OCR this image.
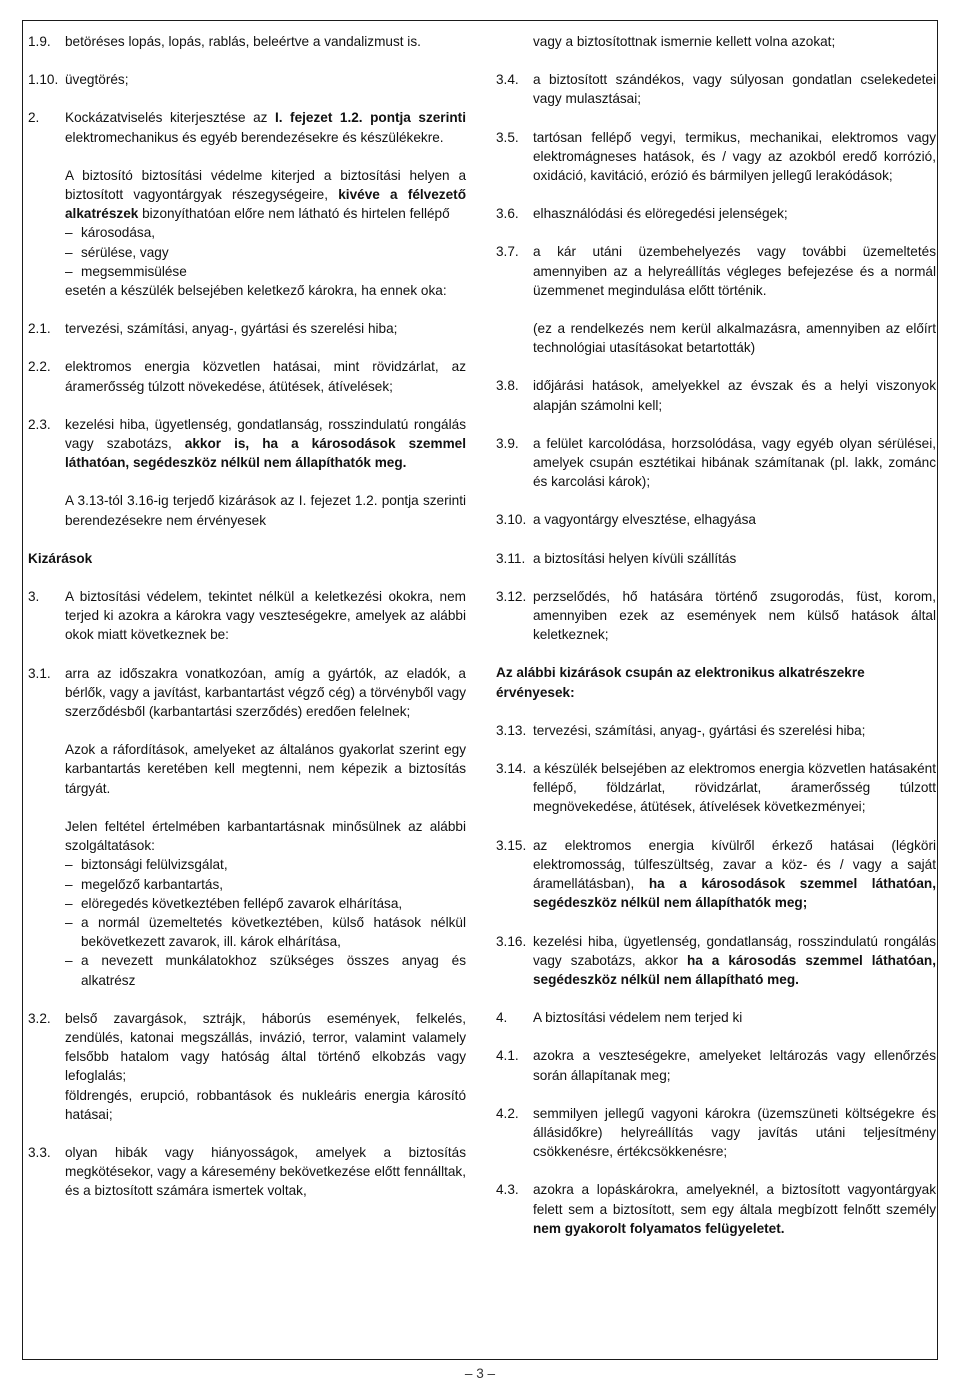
1.9.	betöréses lopás, lopás, rablás, beleértve a vandalizmust is.
1.10. üvegtörés;
2.	Kockázatviselés kiterjesztése az I. fejezet 1.2. pontja szerinti elektromechanikus és egyéb berendezésekre és készülékekre.
A biztosító biztosítási védelme kiterjed a biztosítási helyen a biztosított vagyontárgyak részegységeire, kivéve a félvezető alkatrészek bizonyíthatóan előre nem látható és hirtelen fellépő
– károsodása,
– sérülése, vagy
– megsemmisülése
esetén a készülék belsejében keletkező károkra, ha ennek oka:
2.1.	tervezési, számítási, anyag-, gyártási és szerelési hiba;
2.2.	elektromos energia közvetlen hatásai, mint rövidzárlat, az áramerősség túlzott növekedése, átütések, átívelések;
2.3.	kezelési hiba, ügyetlenség, gondatlanság, rosszindulatú rongálás vagy szabotázs, akkor is, ha a károsodások szemmel láthatóan, segédeszköz nélkül nem állapíthatók meg.
A 3.13-tól 3.16-ig terjedő kizárások az I. fejezet 1.2. pontja szerinti berendezésekre nem érvényesek
Kizárások
3.	A biztosítási védelem, tekintet nélkül a keletkezési okokra, nem terjed ki azokra a károkra vagy veszteségekre, amelyek az alábbi okok miatt következnek be:
3.1.	arra az időszakra vonatkozóan, amíg a gyártók, az eladók, a bérlők, vagy a javítást, karbantartást végző cég) a törvényből vagy szerződésből (karbantartási szerződés) eredően felelnek;
Azok a ráfordítások, amelyeket az általános gyakorlat szerint egy karbantartás keretében kell megtenni, nem képezik a biztosítás tárgyát.
Jelen feltétel értelmében karbantartásnak minősülnek az alábbi szolgáltatások:
– biztonsági felülvizsgálat,
– megelőző karbantartás,
– elöregedés következtében fellépő zavarok elhárítása,
– a normál üzemeltetés következtében, külső hatások nélkül bekövetkezett zavarok, ill. károk elhárítása,
– a nevezett munkálatokhoz szükséges összes anyag és alkatrész
3.2.	belső zavargások, sztrájk, háborús események, felkelés, zendülés, katonai megszállás, invázió, terror, valamint valamely felsőbb hatalom vagy hatóság által történő elkobzás vagy lefoglalás;
földrengés, erupció, robbantások és nukleáris energia károsító hatásai;
3.3.	olyan hibák vagy hiányosságok, amelyek a biztosítás megkötésekor, vagy a káresemény bekövetkezése előtt fennálltak, és a biztosított számára ismertek voltak,
vagy a biztosítottnak ismernie kellett volna azokat;
3.4.	a biztosított szándékos, vagy súlyosan gondatlan cselekedetei vagy mulasztásai;
3.5.	tartósan fellépő vegyi, termikus, mechanikai, elektromos vagy elektromágneses hatások, és / vagy az azokból eredő korrózió, oxidáció, kavitáció, erózió és bármilyen jellegű lerakódások;
3.6.	elhasználódási és elöregedési jelenségek;
3.7.	a kár utáni üzembehelyezés vagy további üzemeltetés amennyiben az a helyreállítás végleges befejezése és a normál üzemmenet megindulása előtt történik.
(ez a rendelkezés nem kerül alkalmazásra, amennyiben az előírt technológiai utasításokat betartották)
3.8.	időjárási hatások, amelyekkel az évszak és a helyi viszonyok alapján számolni kell;
3.9.	a felület karcolódása, horzsolódása, vagy egyéb olyan sérülései, amelyek csupán esztétikai hibának számítanak (pl. lakk, zománc és karcolási károk);
3.10. a vagyontárgy elvesztése, elhagyása
3.11. a biztosítási helyen kívüli szállítás
3.12. perzselődés, hő hatására történő zsugorodás, füst, korom, amennyiben ezek az események nem külső hatások által keletkeznek;
Az alábbi kizárások csupán az elektronikus alkatrészekre érvényesek:
3.13. tervezési, számítási, anyag-, gyártási és szerelési hiba;
3.14. a készülék belsejében az elektromos energia közvetlen hatásaként fellépő, földzárlat, rövidzárlat, áramerősség túlzott megnövekedése, átütések, átívelések következményei;
3.15. az elektromos energia kívülről érkező hatásai (légköri elektromosság, túlfeszültség, zavar a köz- és / vagy a saját áramellátásban), ha a károsodások szemmel láthatóan, segédeszköz nélkül nem állapíthatók meg;
3.16. kezelési hiba, ügyetlenség, gondatlanság, rosszindulatú rongálás vagy szabotázs, akkor ha a károsodás szemmel láthatóan, segédeszköz nélkül nem állapítható meg.
4.	A biztosítási védelem nem terjed ki
4.1.	azokra a veszteségekre, amelyeket leltározás vagy ellenőrzés során állapítanak meg;
4.2.	semmilyen jellegű vagyoni károkra (üzemszüneti költségekre és állásidőkre) helyreállítás vagy javítás utáni teljesítmény csökkenésre, értékcsökkenésre;
4.3.	azokra a lopáskárokra, amelyeknél, a biztosított vagyontárgyak felett sem a biztosított, sem egy általa megbízott felnőtt személy nem gyakorolt folyamatos felügyeletet.
– 3 –
